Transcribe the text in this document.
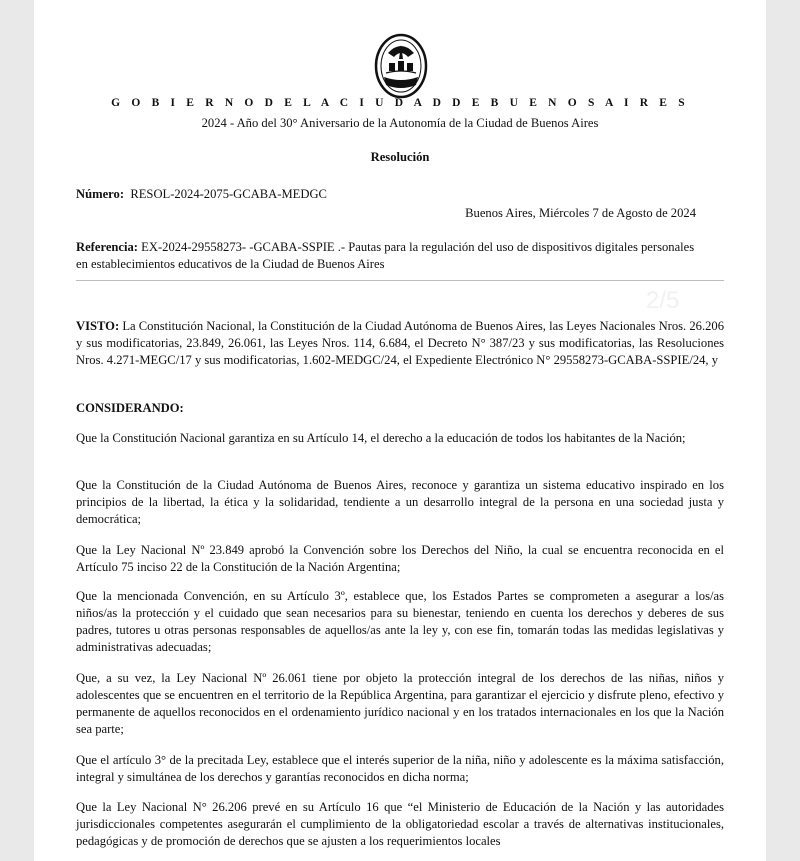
G O B I E R N O D E L A C I U D A D D E B U E N O S A I R E S
2024 - Año del 30° Aniversario de la Autonomía de la Ciudad de Buenos Aires
Resolución

Número: RESOL-2024-2075-GCABA-MEDGC

Buenos Aires, Miércoles 7 de Agosto de 2024

Referencia: EX-2024-29558273- -GCABA-SSPIE .- Pautas para la regulación del uso de dispositivos digitales personales
en establecimientos educativos de la Ciudad de Buenos Aires

2/5

VISTO: La Constitución Nacional, la Constitución de la Ciudad Autónoma de Buenos Aires, las Leyes Nacionales Nros. 26.206 y sus modificatorias, 23.849, 26.061, las Leyes Nros. 114, 6.684, el Decreto N° 387/23 y sus modificatorias, las Resoluciones Nros. 4.271-MEGC/17 y sus modificatorias, 1.602-MEDGC/24, el Expediente Electrónico N° 29558273-GCABA-SSPIE/24, y

CONSIDERANDO:

Que la Constitución Nacional garantiza en su Artículo 14, el derecho a la educación de todos los habitantes de la Nación;

Que la Constitución de la Ciudad Autónoma de Buenos Aires, reconoce y garantiza un sistema educativo inspirado en los principios de la libertad, la ética y la solidaridad, tendiente a un desarrollo integral de la persona en una sociedad justa y democrática;

Que la Ley Nacional Nº 23.849 aprobó la Convención sobre los Derechos del Niño, la cual se encuentra reconocida en el Artículo 75 inciso 22 de la Constitución de la Nación Argentina;

Que la mencionada Convención, en su Artículo 3º, establece que, los Estados Partes se comprometen a asegurar a los/as niños/as la protección y el cuidado que sean necesarios para su bienestar, teniendo en cuenta los derechos y deberes de sus padres, tutores u otras personas responsables de aquellos/as ante la ley y, con ese fin, tomarán todas las medidas legislativas y administrativas adecuadas;

Que, a su vez, la Ley Nacional Nº 26.061 tiene por objeto la protección integral de los derechos de las niñas, niños y adolescentes que se encuentren en el territorio de la República Argentina, para garantizar el ejercicio y disfrute pleno, efectivo y permanente de aquellos reconocidos en el ordenamiento jurídico nacional y en los tratados internacionales en los que la Nación sea parte;

Que el artículo 3° de la precitada Ley, establece que el interés superior de la niña, niño y adolescente es la máxima satisfacción, integral y simultánea de los derechos y garantías reconocidos en dicha norma;

Que la Ley Nacional N° 26.206 prevé en su Artículo 16 que “el Ministerio de Educación de la Nación y las autoridades jurisdiccionales competentes asegurarán el cumplimiento de la obligatoriedad escolar a través de alternativas institucionales, pedagógicas y de promoción de derechos que se ajusten a los requerimientos locales
